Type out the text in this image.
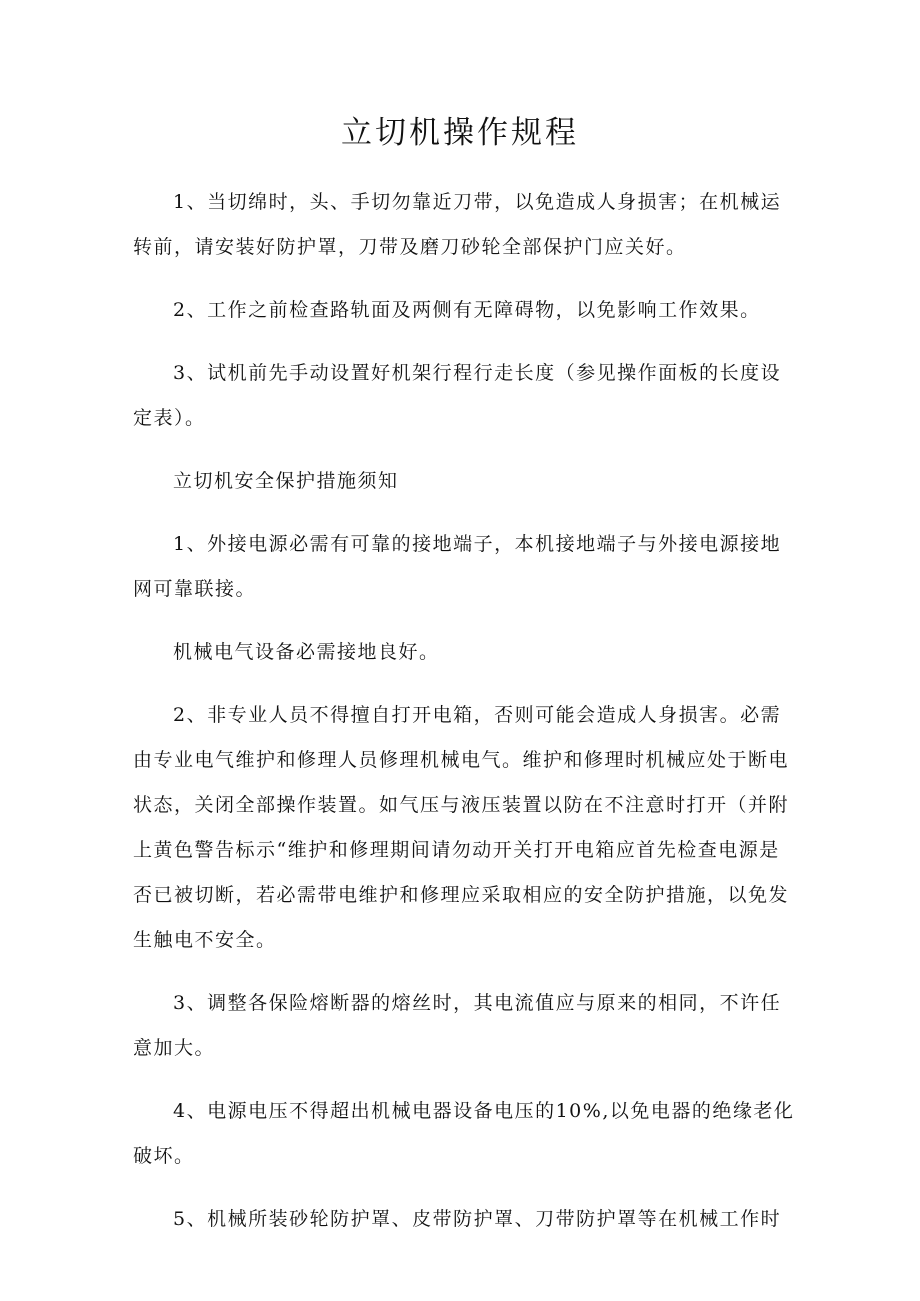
立切机操作规程

1、当切绵时，头、手切勿靠近刀带，以免造成人身损害；在机械运转前，请安装好防护罩，刀带及磨刀砂轮全部保护门应关好。

2、工作之前检查路轨面及两侧有无障碍物，以免影响工作效果。

3、试机前先手动设置好机架行程行走长度（参见操作面板的长度设定表）。

立切机安全保护措施须知

1、外接电源必需有可靠的接地端子，本机接地端子与外接电源接地网可靠联接。

机械电气设备必需接地良好。

2、非专业人员不得擅自打开电箱，否则可能会造成人身损害。必需由专业电气维护和修理人员修理机械电气。维护和修理时机械应处于断电状态，关闭全部操作装置。如气压与液压装置以防在不注意时打开（并附上黄色警告标示“维护和修理期间请勿动开关打开电箱应首先检查电源是否已被切断，若必需带电维护和修理应采取相应的安全防护措施，以免发生触电不安全。

3、调整各保险熔断器的熔丝时，其电流值应与原来的相同，不许任意加大。

4、电源电压不得超出机械电器设备电压的10%,以免电器的绝缘老化破坏。

5、机械所装砂轮防护罩、皮带防护罩、刀带防护罩等在机械工作时
